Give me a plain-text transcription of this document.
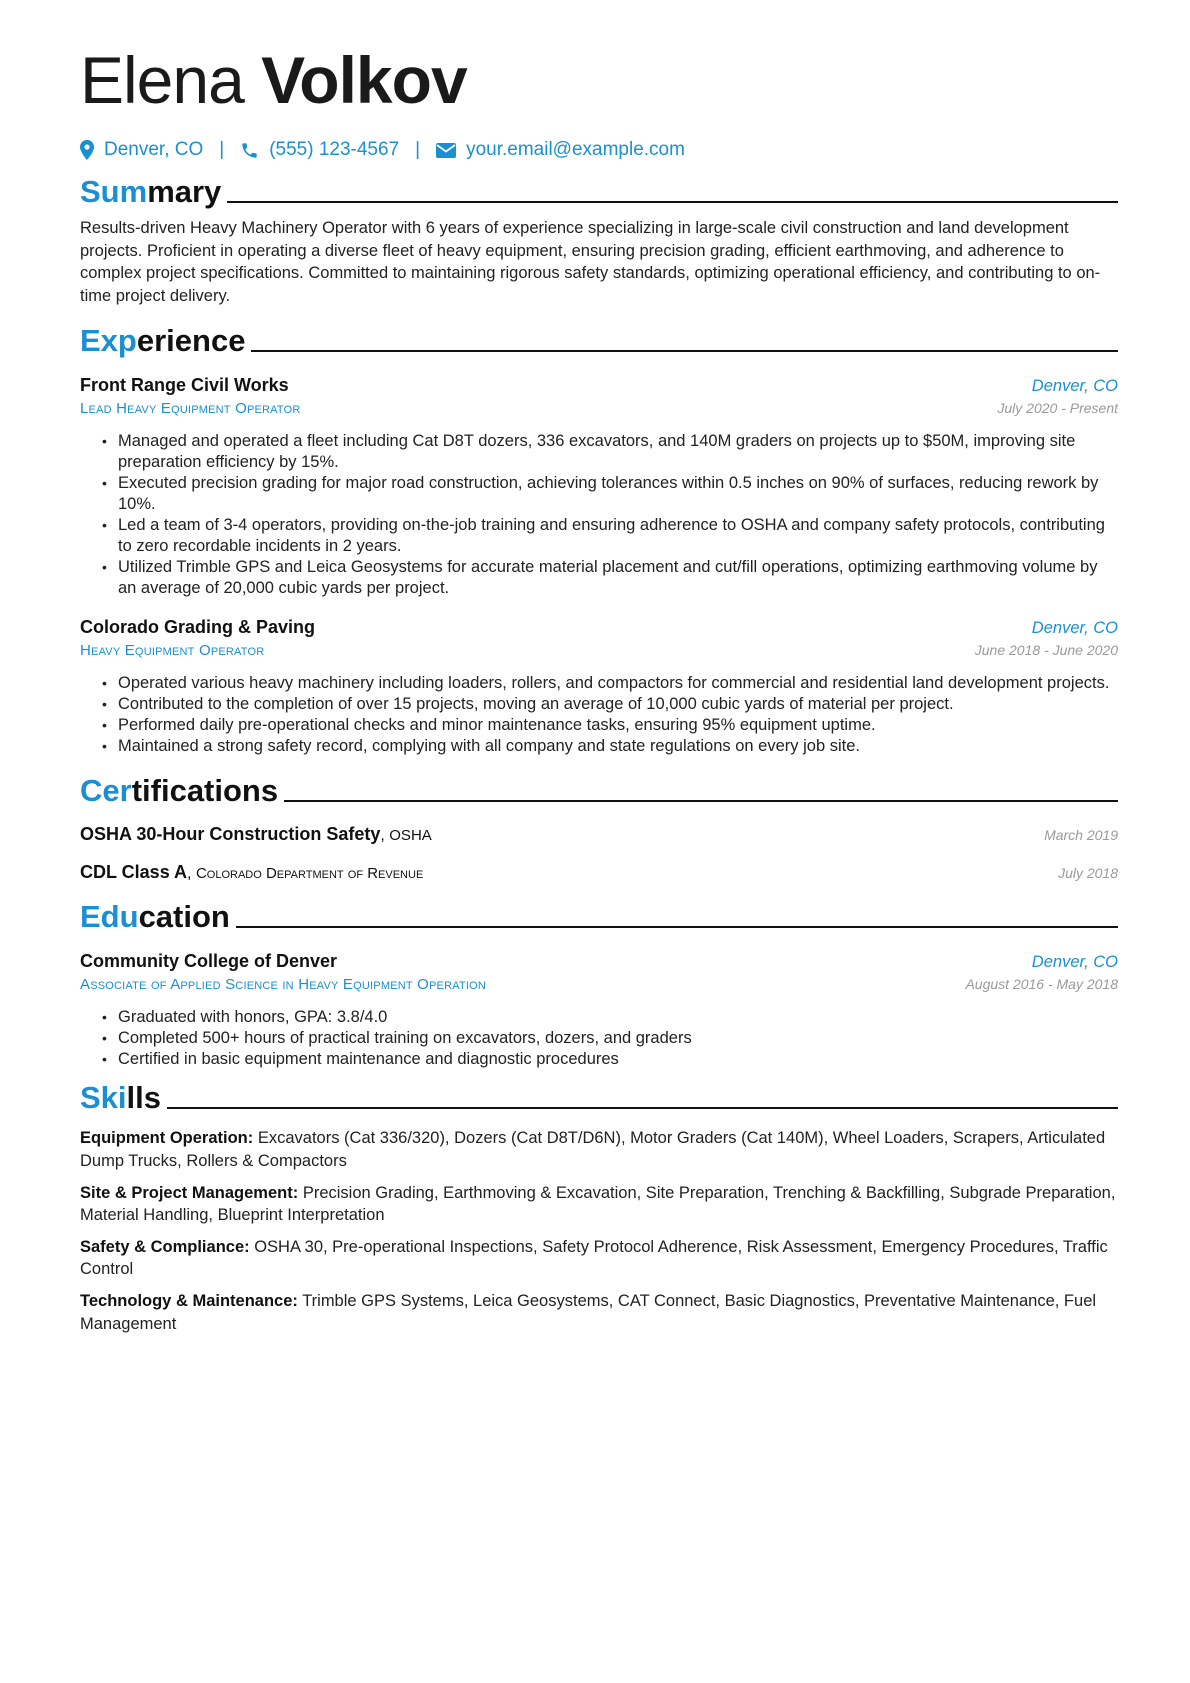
Elena Volkov
Denver, CO | (555) 123-4567 | your.email@example.com
Summary
Results-driven Heavy Machinery Operator with 6 years of experience specializing in large-scale civil construction and land development projects. Proficient in operating a diverse fleet of heavy equipment, ensuring precision grading, efficient earthmoving, and adherence to complex project specifications. Committed to maintaining rigorous safety standards, optimizing operational efficiency, and contributing to on-time project delivery.
Experience
Front Range Civil Works	Denver, CO
Lead Heavy Equipment Operator	July 2020 - Present
• Managed and operated a fleet including Cat D8T dozers, 336 excavators, and 140M graders on projects up to $50M, improving site preparation efficiency by 15%.
• Executed precision grading for major road construction, achieving tolerances within 0.5 inches on 90% of surfaces, reducing rework by 10%.
• Led a team of 3-4 operators, providing on-the-job training and ensuring adherence to OSHA and company safety protocols, contributing to zero recordable incidents in 2 years.
• Utilized Trimble GPS and Leica Geosystems for accurate material placement and cut/fill operations, optimizing earthmoving volume by an average of 20,000 cubic yards per project.
Colorado Grading & Paving	Denver, CO
Heavy Equipment Operator	June 2018 - June 2020
• Operated various heavy machinery including loaders, rollers, and compactors for commercial and residential land development projects.
• Contributed to the completion of over 15 projects, moving an average of 10,000 cubic yards of material per project.
• Performed daily pre-operational checks and minor maintenance tasks, ensuring 95% equipment uptime.
• Maintained a strong safety record, complying with all company and state regulations on every job site.
Certifications
OSHA 30-Hour Construction Safety, OSHA	March 2019
CDL Class A, Colorado Department of Revenue	July 2018
Education
Community College of Denver	Denver, CO
Associate of Applied Science in Heavy Equipment Operation	August 2016 - May 2018
• Graduated with honors, GPA: 3.8/4.0
• Completed 500+ hours of practical training on excavators, dozers, and graders
• Certified in basic equipment maintenance and diagnostic procedures
Skills
Equipment Operation: Excavators (Cat 336/320), Dozers (Cat D8T/D6N), Motor Graders (Cat 140M), Wheel Loaders, Scrapers, Articulated Dump Trucks, Rollers & Compactors
Site & Project Management: Precision Grading, Earthmoving & Excavation, Site Preparation, Trenching & Backfilling, Subgrade Preparation, Material Handling, Blueprint Interpretation
Safety & Compliance: OSHA 30, Pre-operational Inspections, Safety Protocol Adherence, Risk Assessment, Emergency Procedures, Traffic Control
Technology & Maintenance: Trimble GPS Systems, Leica Geosystems, CAT Connect, Basic Diagnostics, Preventative Maintenance, Fuel Management
